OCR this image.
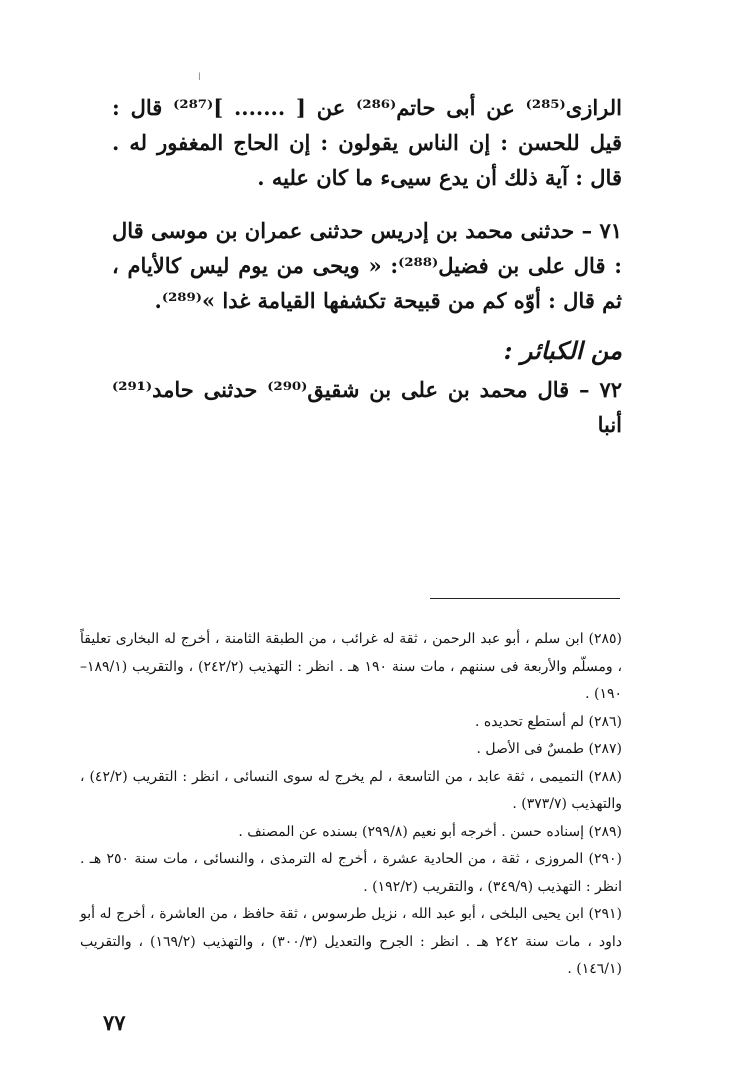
ا

الرازى⁽²⁸⁵⁾ عن أبى حاتم⁽²⁸⁶⁾ عن [ ....... ]⁽²⁸⁷⁾ قال : قيل للحسن : إن الناس يقولون : إن الحاج المغفور له . قال : آية ذلك أن يدع سيىء ما كان عليه .

٧١ – حدثنى محمد بن إدريس حدثنى عمران بن موسى قال : قال على بن فضيل⁽²⁸⁸⁾: « ويحى من يوم ليس كالأيام ، ثم قال : أوّه كم من قبيحة تكشفها القيامة غدا »⁽²⁸⁹⁾.

من الكبائر :

٧٢ – قال محمد بن على بن شقيق⁽²⁹⁰⁾ حدثنى حامد⁽²⁹¹⁾ أنبا

(٢٨٥) ابن سلم ، أبو عبد الرحمن ، ثقة له غرائب ، من الطبقة الثامنة ، أخرج له البخارى تعليقاً ، ومسلّم والأربعة فى سننهم ، مات سنة ١٩٠ هـ . انظر : التهذيب (٢٤٢/٢) ، والتقريب (١٨٩/١–١٩٠) .

(٢٨٦) لم أستطع تحديده .

(٢٨٧) طمسٌ فى الأصل .

(٢٨٨) التميمى ، ثقة عابد ، من التاسعة ، لم يخرج له سوى النسائى ، انظر : التقريب (٤٢/٢) ، والتهذيب (٣٧٣/٧) .

(٢٨٩) إسناده حسن . أخرجه أبو نعيم (٢٩٩/٨) بسنده عن المصنف .

(٢٩٠) المروزى ، ثقة ، من الحادية عشرة ، أخرج له الترمذى ، والنسائى ، مات سنة ٢٥٠ هـ . انظر : التهذيب (٣٤٩/٩) ، والتقريب (١٩٢/٢) .

(٢٩١) ابن يحيى البلخى ، أبو عبد الله ، نزيل طرسوس ، ثقة حافظ ، من العاشرة ، أخرج له أبو داود ، مات سنة ٢٤٢ هـ . انظر : الجرح والتعديل (٣٠٠/٣) ، والتهذيب (١٦٩/٢) ، والتقريب (١٤٦/١) .

٧٧
